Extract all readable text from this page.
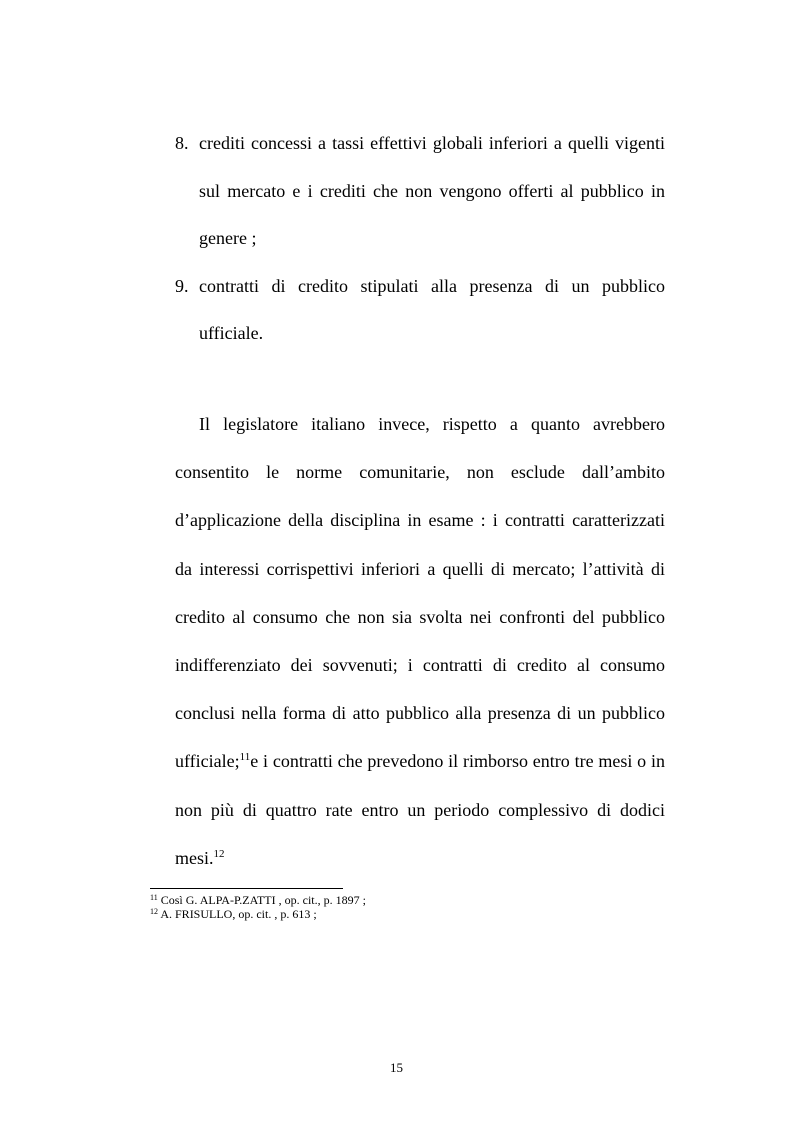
8. crediti concessi a tassi effettivi globali inferiori a quelli vigenti sul mercato e i crediti che non vengono offerti al pubblico in genere ;
9. contratti di credito stipulati alla presenza di un pubblico ufficiale.

Il legislatore italiano invece, rispetto a quanto avrebbero consentito le norme comunitarie, non esclude dall’ambito d’applicazione della disciplina in esame : i contratti caratterizzati da interessi corrispettivi inferiori a quelli di mercato; l’attività di credito al consumo che non sia svolta nei confronti del pubblico indifferenziato dei sovvenuti; i contratti di credito al consumo conclusi nella forma di atto pubblico alla presenza di un pubblico ufficiale;$^{11}$e i contratti che prevedono il rimborso entro tre mesi o in non più di quattro rate entro un periodo complessivo di dodici mesi.$^{12}$

$^{11}$ Così G. ALPA-P.ZATTI , op. cit., p. 1897 ;
$^{12}$ A. FRISULLO, op. cit. , p. 613 ;
15
